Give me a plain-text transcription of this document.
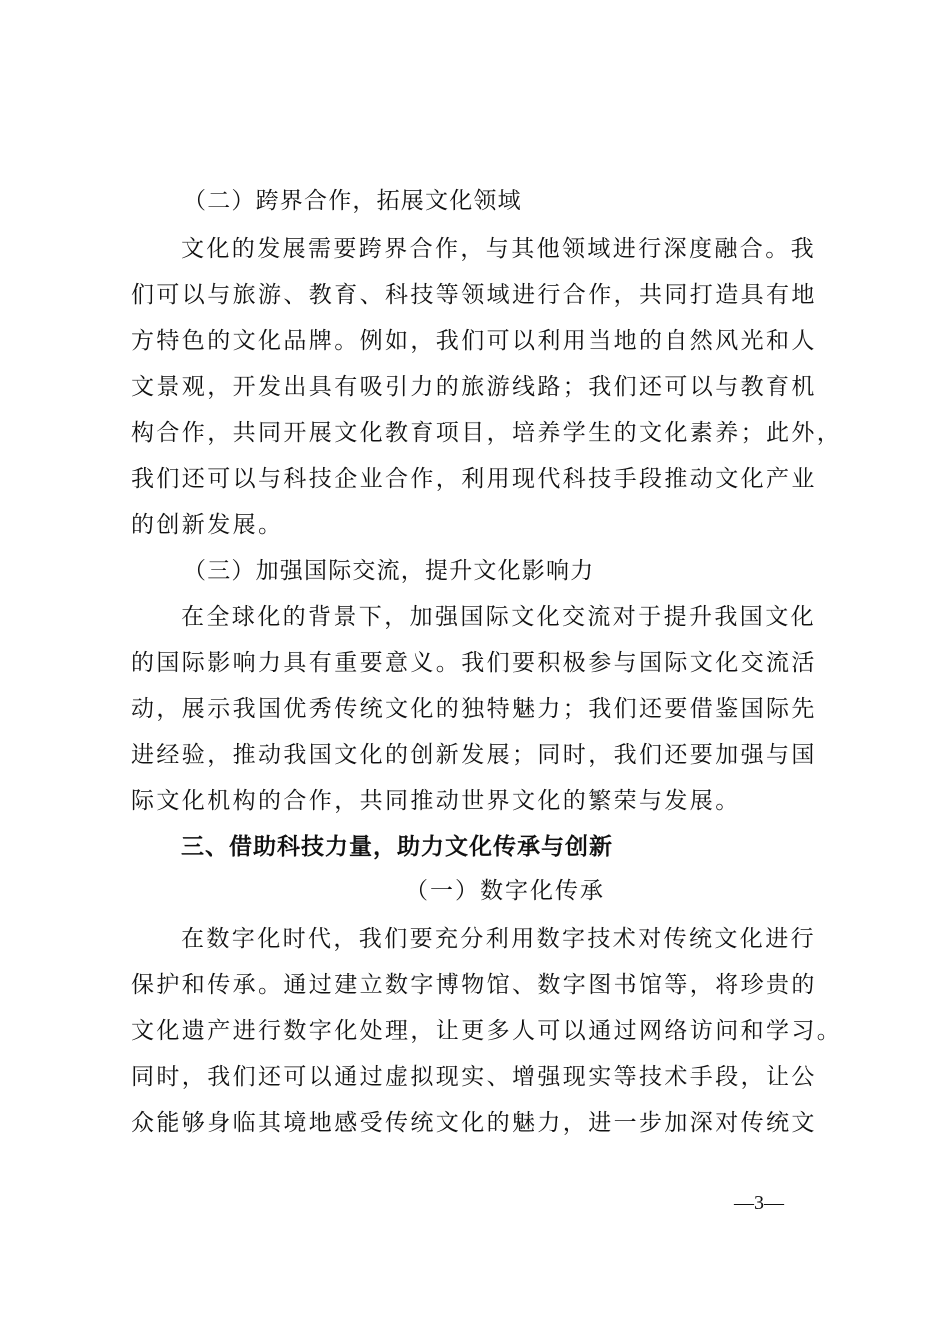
（二）跨界合作，拓展文化领域
文化的发展需要跨界合作，与其他领域进行深度融合。我
们可以与旅游、教育、科技等领域进行合作，共同打造具有地
方特色的文化品牌。例如，我们可以利用当地的自然风光和人
文景观，开发出具有吸引力的旅游线路；我们还可以与教育机
构合作，共同开展文化教育项目，培养学生的文化素养；此外，
我们还可以与科技企业合作，利用现代科技手段推动文化产业
的创新发展。
（三）加强国际交流，提升文化影响力
在全球化的背景下，加强国际文化交流对于提升我国文化
的国际影响力具有重要意义。我们要积极参与国际文化交流活
动，展示我国优秀传统文化的独特魅力；我们还要借鉴国际先
进经验，推动我国文化的创新发展；同时，我们还要加强与国
际文化机构的合作，共同推动世界文化的繁荣与发展。
三、借助科技力量，助力文化传承与创新
（一）数字化传承
在数字化时代，我们要充分利用数字技术对传统文化进行
保护和传承。通过建立数字博物馆、数字图书馆等，将珍贵的
文化遗产进行数字化处理，让更多人可以通过网络访问和学习。
同时，我们还可以通过虚拟现实、增强现实等技术手段，让公
众能够身临其境地感受传统文化的魅力，进一步加深对传统文
—3—
